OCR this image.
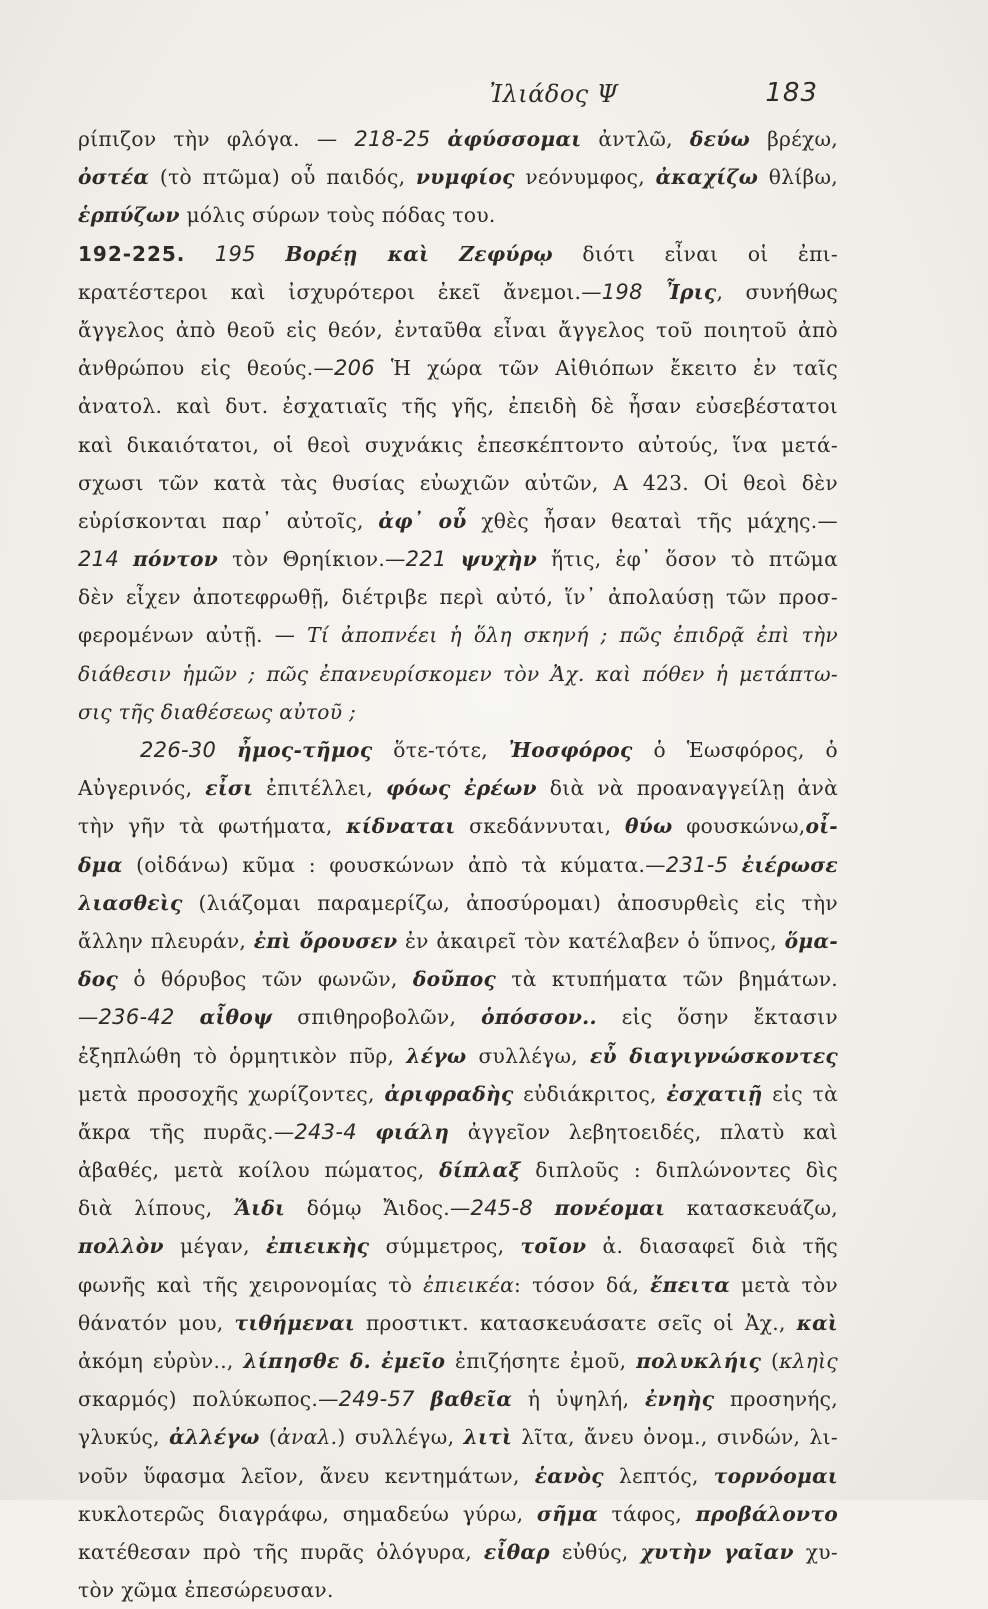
Ἰλιάδος Ψ	183
ρίπιζον τὴν φλόγα. — 218-25 ἀφύσσομαι ἀντλῶ, δεύω βρέχω,
ὀστέα (τὸ πτῶμα) οὗ παιδός, νυμφίος νεόνυμφος, ἀκαχίζω θλίβω,
ἑρπύζων μόλις σύρων τοὺς πόδας του.
192-225. 195 Βορέῃ καὶ Ζεφύρῳ διότι εἶναι οἱ ἐπι-
κρατέστεροι καὶ ἰσχυρότεροι ἐκεῖ ἄνεμοι.—198 Ἶρις, συνήθως
ἄγγελος ἀπὸ θεοῦ εἰς θεόν, ἐνταῦθα εἶναι ἄγγελος τοῦ ποιητοῦ ἀπὸ
ἀνθρώπου εἰς θεούς.—206 Ἡ χώρα τῶν Αἰθιόπων ἔκειτο ἐν ταῖς
ἀνατολ. καὶ δυτ. ἐσχατιαῖς τῆς γῆς, ἐπειδὴ δὲ ἦσαν εὐσεβέστατοι
καὶ δικαιότατοι, οἱ θεοὶ συχνάκις ἐπεσκέπτοντο αὐτούς, ἵνα μετά-
σχωσι τῶν κατὰ τὰς θυσίας εὐωχιῶν αὐτῶν, Α 423. Οἱ θεοὶ δὲν
εὑρίσκονται παρ᾽ αὐτοῖς, ἀφ᾽ οὗ χθὲς ἦσαν θεαταὶ τῆς μάχης.—
214 πόντον τὸν Θρηίκιον.—221 ψυχὴν ἥτις, ἐφ᾽ ὅσον τὸ πτῶμα
δὲν εἶχεν ἀποτεφρωθῇ, διέτριβε περὶ αὐτό, ἵν᾽ ἀπολαύσῃ τῶν προσ-
φερομένων αὐτῇ. — Τί ἀποπνέει ἡ ὅλη σκηνή ; πῶς ἐπιδρᾷ ἐπὶ τὴν
διάθεσιν ἡμῶν ; πῶς ἐπανευρίσκομεν τὸν Ἀχ. καὶ πόθεν ἡ μετάπτω-
σις τῆς διαθέσεως αὐτοῦ ;
226-30 ἦμος-τῆμος ὅτε-τότε, Ἠοσφόρος ὁ Ἑωσφόρος, ὁ
Αὐγερινός, εἶσι ἐπιτέλλει, φόως ἐρέων διὰ νὰ προαναγγείλῃ ἀνὰ
τὴν γῆν τὰ φωτήματα, κίδναται σκεδάννυται, θύω φουσκώνω,οἶ-
δμα (οἰδάνω) κῦμα : φουσκώνων ἀπὸ τὰ κύματα.—231-5 ἐιέρωσε
λιασθεὶς (λιάζομαι παραμερίζω, ἀποσύρομαι) ἀποσυρθεὶς εἰς τὴν
ἄλλην πλευράν, ἐπὶ ὄρουσεν ἐν ἀκαιρεῖ τὸν κατέλαβεν ὁ ὕπνος, ὅμα-
δος ὁ θόρυβος τῶν φωνῶν, δοῦπος τὰ κτυπήματα τῶν βημάτων.
—236-42 αἶθοψ σπιθηροβολῶν, ὁπόσσον.. εἰς ὅσην ἔκτασιν
ἐξηπλώθη τὸ ὁρμητικὸν πῦρ, λέγω συλλέγω, εὖ διαγιγνώσκοντες
μετὰ προσοχῆς χωρίζοντες, ἀριφραδὴς εὐδιάκριτος, ἐσχατιῇ εἰς τὰ
ἄκρα τῆς πυρᾶς.—243-4 φιάλη ἀγγεῖον λεβητοειδές, πλατὺ καὶ
ἀβαθές, μετὰ κοίλου πώματος, δίπλαξ διπλοῦς : διπλώνοντες δὶς
διὰ λίπους, Ἄιδι δόμῳ Ἄιδος.—245-8 πονέομαι κατασκευάζω,
πολλὸν μέγαν, ἐπιεικὴς σύμμετρος, τοῖον ἀ. διασαφεῖ διὰ τῆς
φωνῆς καὶ τῆς χειρονομίας τὸ ἐπιεικέα: τόσον δά, ἔπειτα μετὰ τὸν
θάνατόν μου, τιθήμεναι προστικτ. κατασκευάσατε σεῖς οἱ Ἀχ., καὶ
ἀκόμη εὐρὺν.., λίπησθε δ. ἐμεῖο ἐπιζήσητε ἐμοῦ, πολυκλήις (κληὶς
σκαρμός) πολύκωπος.—249-57 βαθεῖα ἡ ὑψηλή, ἐνηὴς προσηνής,
γλυκύς, ἀλλέγω (ἀναλ.) συλλέγω, λιτὶ λῖτα, ἄνευ ὀνομ., σινδών, λι-
νοῦν ὕφασμα λεῖον, ἄνευ κεντημάτων, ἑανὸς λεπτός, τορνόομαι
κυκλοτερῶς διαγράφω, σημαδεύω γύρω, σῆμα τάφος, προβάλοντο
κατέθεσαν πρὸ τῆς πυρᾶς ὁλόγυρα, εἶθαρ εὐθύς, χυτὴν γαῖαν χυ-
τὸν χῶμα ἐπεσώρευσαν.
